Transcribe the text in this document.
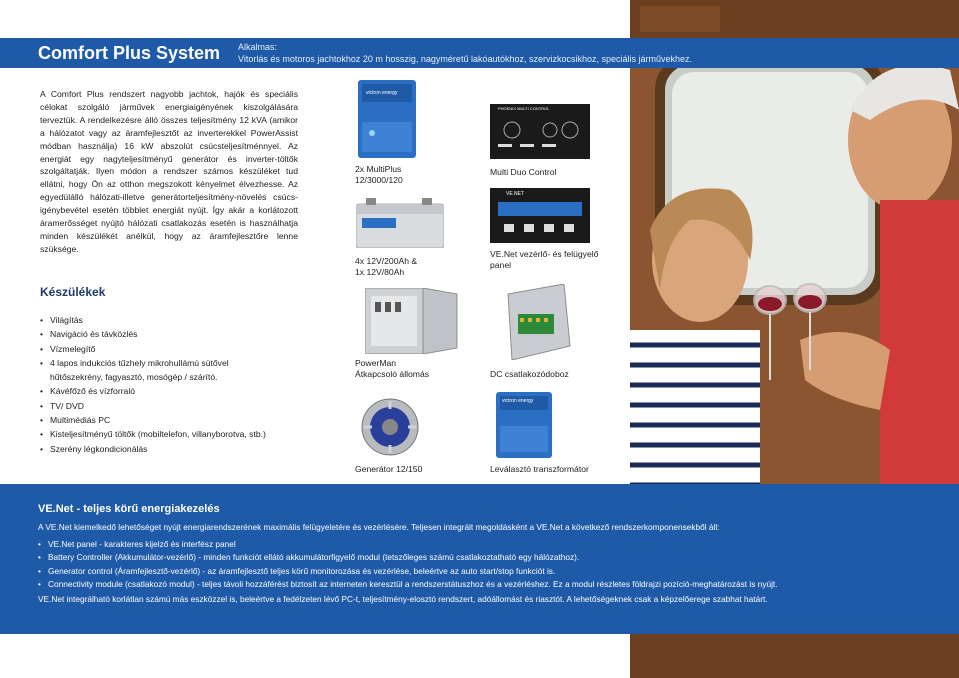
Comfort Plus System Alkalmas:
Vitorlás és motoros jachtokhoz 20 m hosszig, nagyméretű lakóautókhoz, szervizkocsikhoz, speciális járművekhez.
A Comfort Plus rendszert nagyobb jachtok, hajók és speciális célokat szolgáló járművek energiaigényének kiszolgálására terveztük. A rendelkezésre álló összes teljesítmény 12 kVA (amikor a hálózatot vagy az áramfejlesztőt az inverterekkel PowerAssist módban használja) 16 kW abszolút csúcsteljesítménnyel. Az energiát egy nagyteljesítményű generátor és inverter-töltők szolgáltatják. Ilyen módon a rendszer számos készüléket tud ellátni, hogy Ön az otthon megszokott kényelmet élvezhesse. Az egyedülálló hálózati-illetve generátorteljesítmény-növelés csúcs-igénybevétel esetén többlet energiát nyújt. Így akár a korlátozott áramerősséget nyújtó hálózati csatlakozás esetén is használhatja minden készülékét anélkül, hogy az áramfejlesztőre lenne szüksége.
Készülékek
• Világítás
• Navigáció és távközlés
• Vízmelegítő
• 4 lapos indukciós tűzhely mikrohullámú sütővel
hűtőszekrény, fagyasztó, mosógép / szárító.
• Kávéfőző és vízforraló
• TV/ DVD
• Multimédiás PC
• Kisteljesítményű töltők (mobiltelefon, villanyborotva, stb.)
• Szerény légkondicionálás
victron energy
2x MultiPlus
12/3000/120
4x 12V/200Ah &
1x 12V/80Ah
PHOENIX MULTI CONTROL
Multi Duo Control
VE.NET
VE.Net vezérlő- és felügyelő
panel
PowerMan
Átkapcsoló állomás	DC csatlakozódoboz
Generátor 12/150
victron energy
Leválasztó transzformátor
VE.Net - teljes körű energiakezelés
A VE.Net kiemelkedő lehetőséget nyújt energiarendszerének maximális felügyeletére és vezérlésére. Teljesen integrált megoldásként a VE.Net a következő rendszerkomponensekből áll:
• VE.Net panel - karakteres kijelző és interfész panel
• Battery Controller (Akkumulátor-vezérlő) - minden funkciót ellátó akkumulátorfigyelő modul (tetszőleges számú csatlakoztatható egy hálózathoz).
• Generator control (Áramfejlesztő-vezérlő) - az áramfejlesztő teljes körű monitorozása és vezérlése, beleértve az auto start/stop funkciót is.
• Connectivity module (csatlakozó modul) - teljes távoli hozzáférést biztosít az interneten keresztül a rendszerstátuszhoz és a vezérléshez. Ez a modul részletes földrajzi pozíció-meghatározást is nyújt.
VE.Net integrálható korlátlan számú más eszközzel is, beleértve a fedélzeten lévő PC-t, teljesítmény-elosztó rendszert, adóállomást és riasztót. A lehetőségeknek csak a képzelőerege szabhat határt.
